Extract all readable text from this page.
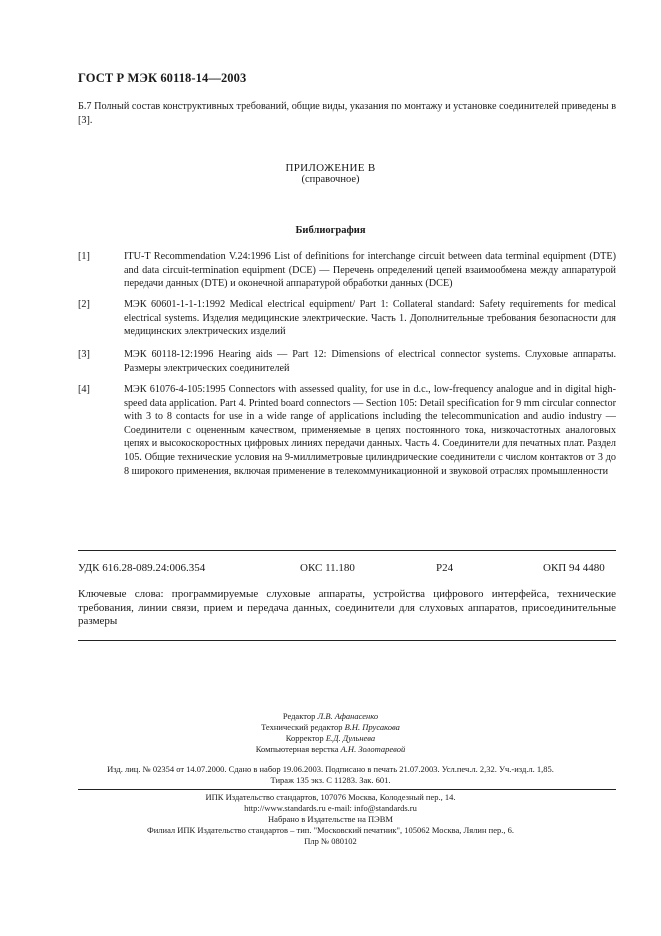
ГОСТ Р МЭК 60118-14—2003
Б.7 Полный состав конструктивных требований, общие виды, указания по монтажу и установке соединителей приведены в [3].
ПРИЛОЖЕНИЕ В
(справочное)
Библиография
[1]	ITU-T Recommendation V.24:1996 List of definitions for interchange circuit between data terminal equipment (DTE) and data circuit-termination equipment (DCE) — Перечень определений цепей взаимообмена между аппаратурой передачи данных (DTE) и оконечной аппаратурой обработки данных (DCE)
[2]	МЭК 60601-1-1-1:1992 Medical electrical equipment/ Part 1: Collateral standard: Safety requirements for medical electrical systems. Изделия медицинские электрические. Часть 1. Дополнительные требования безопасности для медицинских электрических изделий
[3]	МЭК 60118-12:1996 Hearing aids — Part 12: Dimensions of electrical connector systems. Слуховые аппараты. Размеры электрических соединителей
[4]	МЭК 61076-4-105:1995 Connectors with assessed quality, for use in d.c., low-frequency analogue and in digital high-speed data application. Part 4. Printed board connectors — Section 105: Detail specification for 9 mm circular connector with 3 to 8 contacts for use in a wide range of applications including the telecommunication and audio industry — Соединители с оцененным качеством, применяемые в цепях постоянного тока, низкочастотных аналоговых цепях и высокоскоростных цифровых линиях передачи данных. Часть 4. Соединители для печатных плат. Раздел 105. Общие технические условия на 9-миллиметровые цилиндрические соединители с числом контактов от 3 до 8 широкого применения, включая применение в телекоммуникационной и звуковой отраслях промышленности
УДК 616.28-089.24:006.354	ОКС 11.180	Р24	ОКП 94 4480
Ключевые слова: программируемые слуховые аппараты, устройства цифрового интерфейса, технические требования, линии связи, прием и передача данных, соединители для слуховых аппаратов, присоединительные размеры
Редактор Л.В. Афанасенко
Технический редактор В.Н. Прусакова
Корректор Е.Д. Дульнева
Компьютерная верстка А.Н. Золотаревой
Изд. лиц. № 02354 от 14.07.2000. Сдано в набор 19.06.2003. Подписано в печать 21.07.2003. Усл.печ.л. 2,32. Уч.-изд.л. 1,85.
Тираж 135 экз. С 11283. Зак. 601.
ИПК Издательство стандартов, 107076 Москва, Колодезный пер., 14.
http://www.standards.ru e-mail: info@standards.ru
Набрано в Издательстве на ПЭВМ
Филиал ИПК Издательство стандартов – тип. "Московский печатник", 105062 Москва, Лялин пер., 6.
Плр № 080102
